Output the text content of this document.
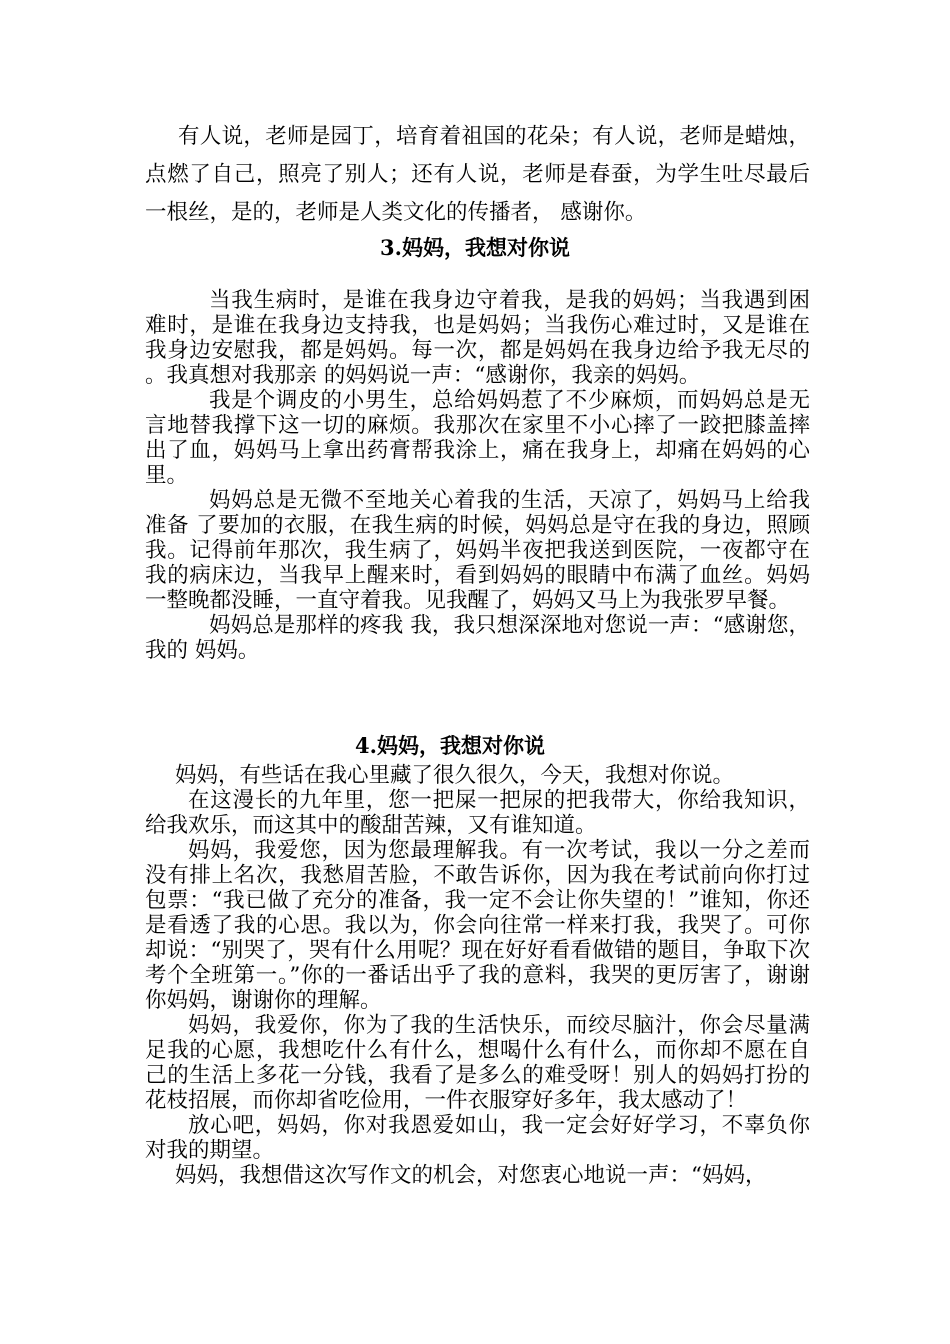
有人说，老师是园丁，培育着祖国的花朵；有人说，老师是蜡烛，点燃了自己，照亮了别人；还有人说，老师是春蚕，为学生吐尽最后一根丝，是的，老师是人类文化的传播者， 感谢你。

3.妈妈，我想对你说

当我生病时，是谁在我身边守着我，是我的妈妈；当我遇到困难时，是谁在我身边支持我，也是妈妈；当我伤心难过时，又是谁在我身边安慰我，都是妈妈。每一次，都是妈妈在我身边给予我无尽的 。我真想对我那亲 的妈妈说一声：“感谢你，我亲的妈妈。

我是个调皮的小男生，总给妈妈惹了不少麻烦，而妈妈总是无言地替我撑下这一切的麻烦。我那次在家里不小心摔了一跤把膝盖摔出了血，妈妈马上拿出药膏帮我涂上，痛在我身上，却痛在妈妈的心里。

妈妈总是无微不至地关心着我的生活，天凉了，妈妈马上给我准备 了要加的衣服，在我生病的时候，妈妈总是守在我的身边，照顾我。记得前年那次，我生病了，妈妈半夜把我送到医院，一夜都守在我的病床边，当我早上醒来时，看到妈妈的眼睛中布满了血丝。妈妈一整晚都没睡，一直守着我。见我醒了，妈妈又马上为我张罗早餐。

妈妈总是那样的疼我 我，我只想深深地对您说一声：“感谢您，我的 妈妈。

4.妈妈，我想对你说

妈妈，有些话在我心里藏了很久很久，今天，我想对你说。

在这漫长的九年里，您一把屎一把尿的把我带大，你给我知识，给我欢乐，而这其中的酸甜苦辣，又有谁知道。

妈妈，我爱您，因为您最理解我。有一次考试，我以一分之差而没有排上名次，我愁眉苦脸，不敢告诉你，因为我在考试前向你打过包票：“我已做了充分的准备，我一定不会让你失望的！”谁知，你还是看透了我的心思。我以为，你会向往常一样来打我，我哭了。可你却说：“别哭了，哭有什么用呢？现在好好看看做错的题目，争取下次考个全班第一。”你的一番话出乎了我的意料，我哭的更厉害了，谢谢你妈妈，谢谢你的理解。

妈妈，我爱你，你为了我的生活快乐，而绞尽脑汁，你会尽量满足我的心愿，我想吃什么有什么，想喝什么有什么，而你却不愿在自己的生活上多花一分钱，我看了是多么的难受呀！别人的妈妈打扮的花枝招展，而你却省吃俭用，一件衣服穿好多年，我太感动了！

放心吧，妈妈，你对我恩爱如山，我一定会好好学习，不辜负你对我的期望。

妈妈，我想借这次写作文的机会，对您衷心地说一声：“妈妈，
